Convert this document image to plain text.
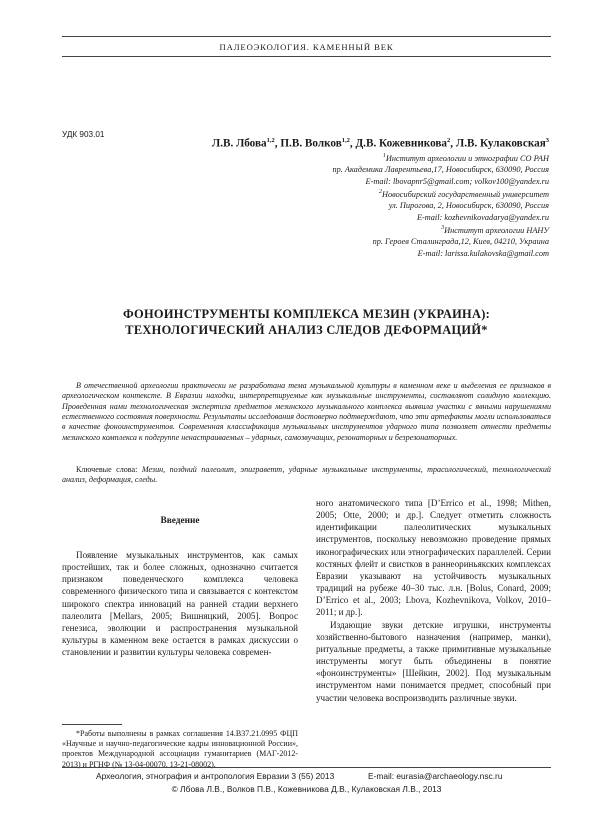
ПАЛЕОЭКОЛОГИЯ. КАМЕННЫЙ ВЕК
УДК 903.01
Л.В. Лбова$^{1,2}$, П.В. Волков$^{1,2}$, Д.В. Кожевникова$^2$, Л.В. Кулаковская$^3$
$^1$Институт археологии и этнографии СО РАН
пр. Академика Лаврентьева,17, Новосибирск, 630090, Россия
E-mail: lbovapnr5@gmail.com; volkov100@yandex.ru
$^2$Новосибирский государственный университет
ул. Пирогова, 2, Новосибирск, 630090, Россия
E-mail: kozhevnikovadarya@yandex.ru
$^3$Институт археологии НАНУ
пр. Героев Сталинграда,12, Киев, 04210, Украина
E-mail: larissa.kulakovska@gmail.com
ФОНОИНСТРУМЕНТЫ КОМПЛЕКСА МЕЗИН (УКРАИНА):
ТЕХНОЛОГИЧЕСКИЙ АНАЛИЗ СЛЕДОВ ДЕФОРМАЦИЙ*
В отечественной археологии практически не разработана тема музыкальной культуры в каменном веке и выделения ее признаков в археологическом контексте. В Евразии находки, интерпретируемые как музыкальные инструменты, составляют солидную коллекцию. Проведенная нами технологическая экспертиза предметов мезинского музыкального комплекса выявила участки с явными нарушениями естественного состояния поверхности. Результаты исследования достоверно подтверждают, что эти артефакты могли использоваться в качестве фоноинструментов. Современная классификация музыкальных инструментов ударного типа позволяет отнести предметы мезинского комплекса к подгруппе ненастраиваемых – ударных, самозвучащих, резонаторных и безрезонаторных.
Ключевые слова: Мезин, поздний палеолит, эпиграветт, ударные музыкальные инструменты, трасологический, технологический анализ, деформация, следы.
Введение
Появление музыкальных инструментов, как самых простейших, так и более сложных, однозначно считается признаком поведенческого комплекса человека современного физического типа и связывается с контекстом широкого спектра инноваций на ранней стадии верхнего палеолита [Mellars, 2005; Вишняцкий, 2005]. Вопрос генезиса, эволюции и распространения музыкальной культуры в каменном веке остается в рамках дискуссии о становлении и развитии культуры человека современ-
ного анатомического типа [D’Errico et al., 1998; Mithen, 2005; Otte, 2000; и др.]. Следует отметить сложность идентификации палеолитических музыкальных инструментов, поскольку невозможно проведение прямых иконографических или этнографических параллелей. Серии костяных флейт и свистков в раннеориньякских комплексах Евразии указывают на устойчивость музыкальных традиций на рубеже 40–30 тыс. л.н. [Bolus, Conard, 2009; D’Errico et al., 2003; Lbova, Kozhevnikova, Volkov, 2010–2011; и др.].
Издающие звуки детские игрушки, инструменты хозяйственно-бытового назначения (например, манки), ритуальные предметы, а также примитивные музыкальные инструменты могут быть объединены в понятие «фоноинструменты» [Шейкин, 2002]. Под музыкальным инструментом нами понимается предмет, способный при участии человека воспроизводить различные звуки.
*Работы выполнены в рамках соглашения 14.B37.21.0995 ФЦП «Научные и научно-педагогические кадры инновационной России», проектов Международной ассоциации гуманитариев (МАГ-2012-2013) и РГНФ (№ 13-04-00070, 13-21-08002).
Археология, этнография и антропология Евразии 3 (55) 2013	E-mail: eurasia@archaeology.nsc.ru
© Лбова Л.В., Волков П.В., Кожевникова Д.В., Кулаковская Л.В., 2013
